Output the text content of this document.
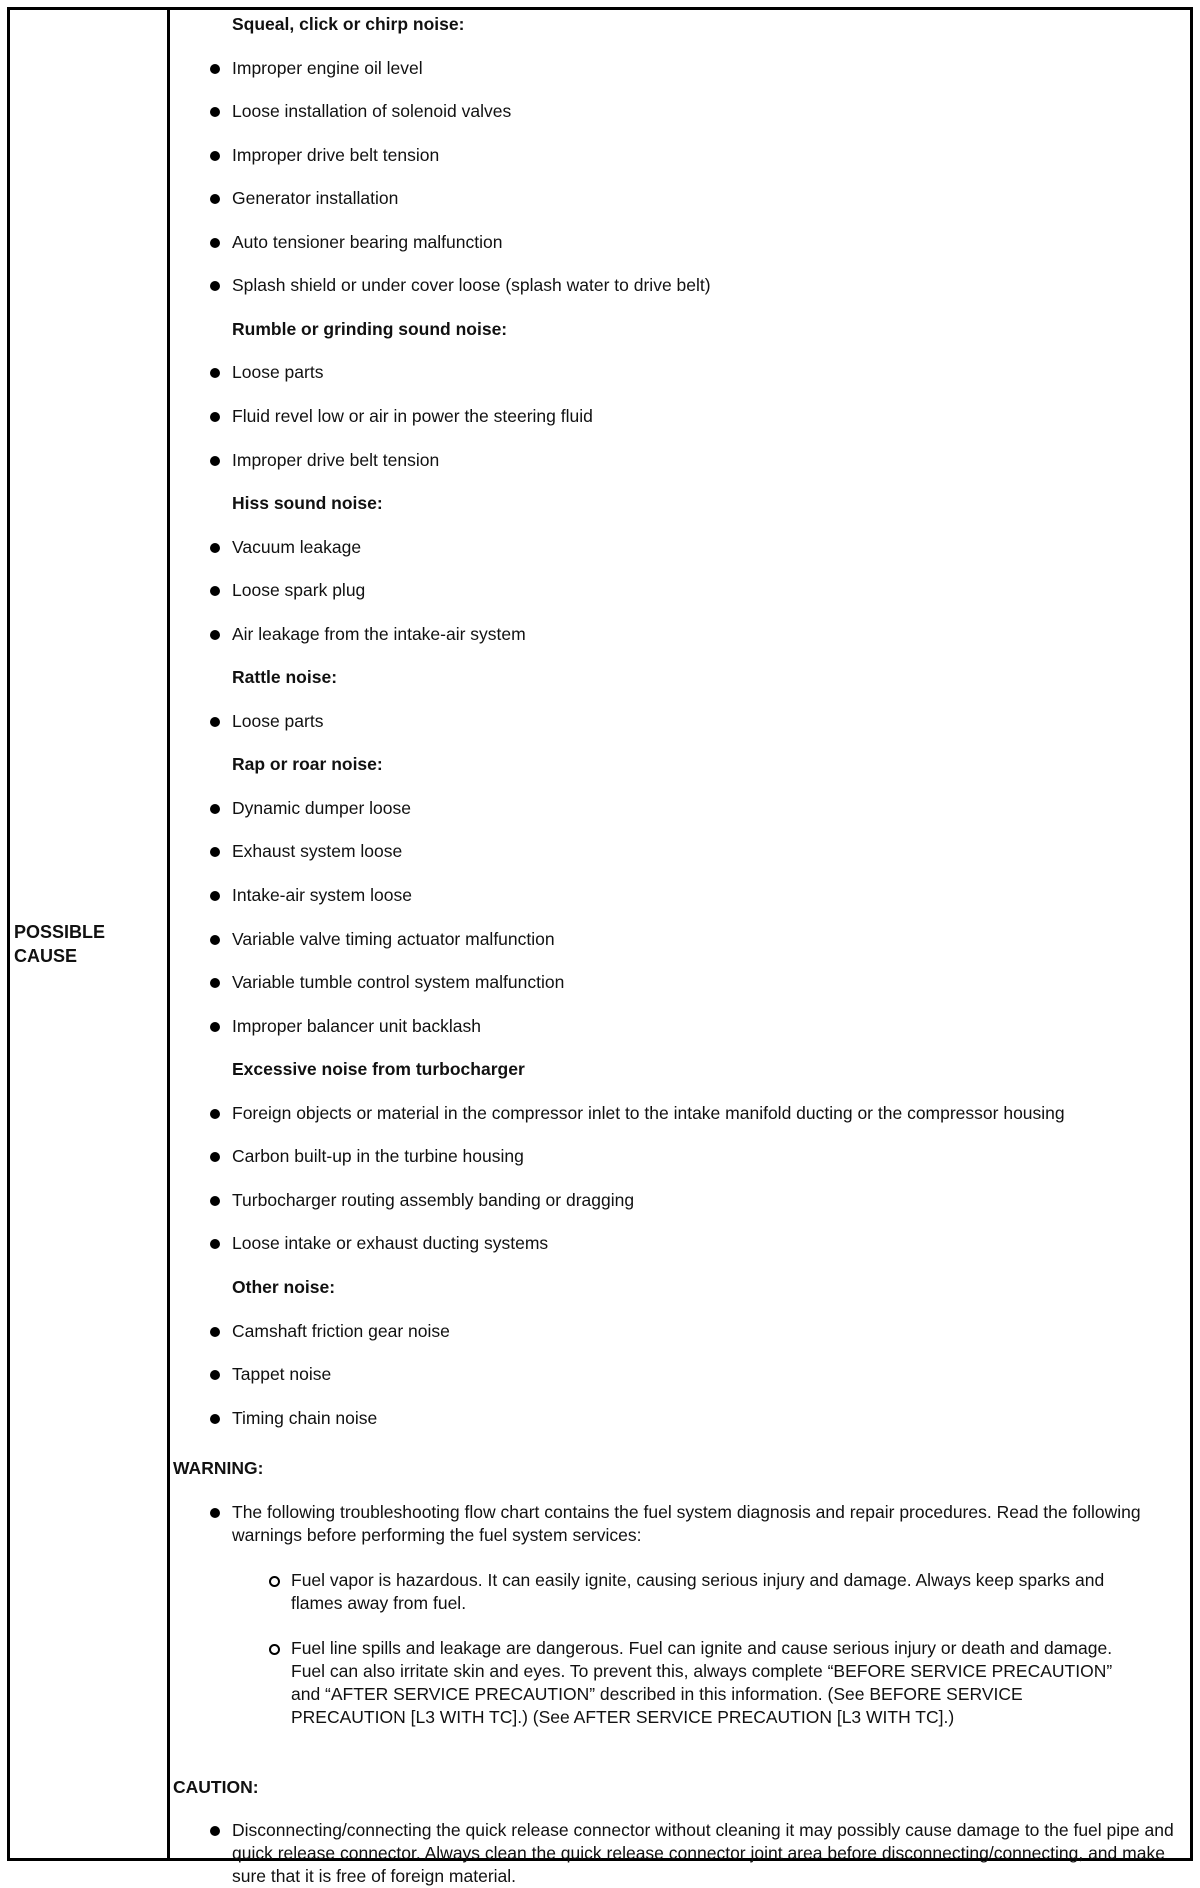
POSSIBLE CAUSE
Squeal, click or chirp noise:
Improper engine oil level
Loose installation of solenoid valves
Improper drive belt tension
Generator installation
Auto tensioner bearing malfunction
Splash shield or under cover loose (splash water to drive belt)
Rumble or grinding sound noise:
Loose parts
Fluid revel low or air in power the steering fluid
Improper drive belt tension
Hiss sound noise:
Vacuum leakage
Loose spark plug
Air leakage from the intake-air system
Rattle noise:
Loose parts
Rap or roar noise:
Dynamic dumper loose
Exhaust system loose
Intake-air system loose
Variable valve timing actuator malfunction
Variable tumble control system malfunction
Improper balancer unit backlash
Excessive noise from turbocharger
Foreign objects or material in the compressor inlet to the intake manifold ducting or the compressor housing
Carbon built-up in the turbine housing
Turbocharger routing assembly banding or dragging
Loose intake or exhaust ducting systems
Other noise:
Camshaft friction gear noise
Tappet noise
Timing chain noise
WARNING:
The following troubleshooting flow chart contains the fuel system diagnosis and repair procedures. Read the following warnings before performing the fuel system services:
Fuel vapor is hazardous. It can easily ignite, causing serious injury and damage. Always keep sparks and flames away from fuel.
Fuel line spills and leakage are dangerous. Fuel can ignite and cause serious injury or death and damage. Fuel can also irritate skin and eyes. To prevent this, always complete “BEFORE SERVICE PRECAUTION” and “AFTER SERVICE PRECAUTION” described in this information. (See BEFORE SERVICE PRECAUTION [L3 WITH TC].) (See AFTER SERVICE PRECAUTION [L3 WITH TC].)
CAUTION:
Disconnecting/connecting the quick release connector without cleaning it may possibly cause damage to the fuel pipe and quick release connector. Always clean the quick release connector joint area before disconnecting/connecting, and make sure that it is free of foreign material.
